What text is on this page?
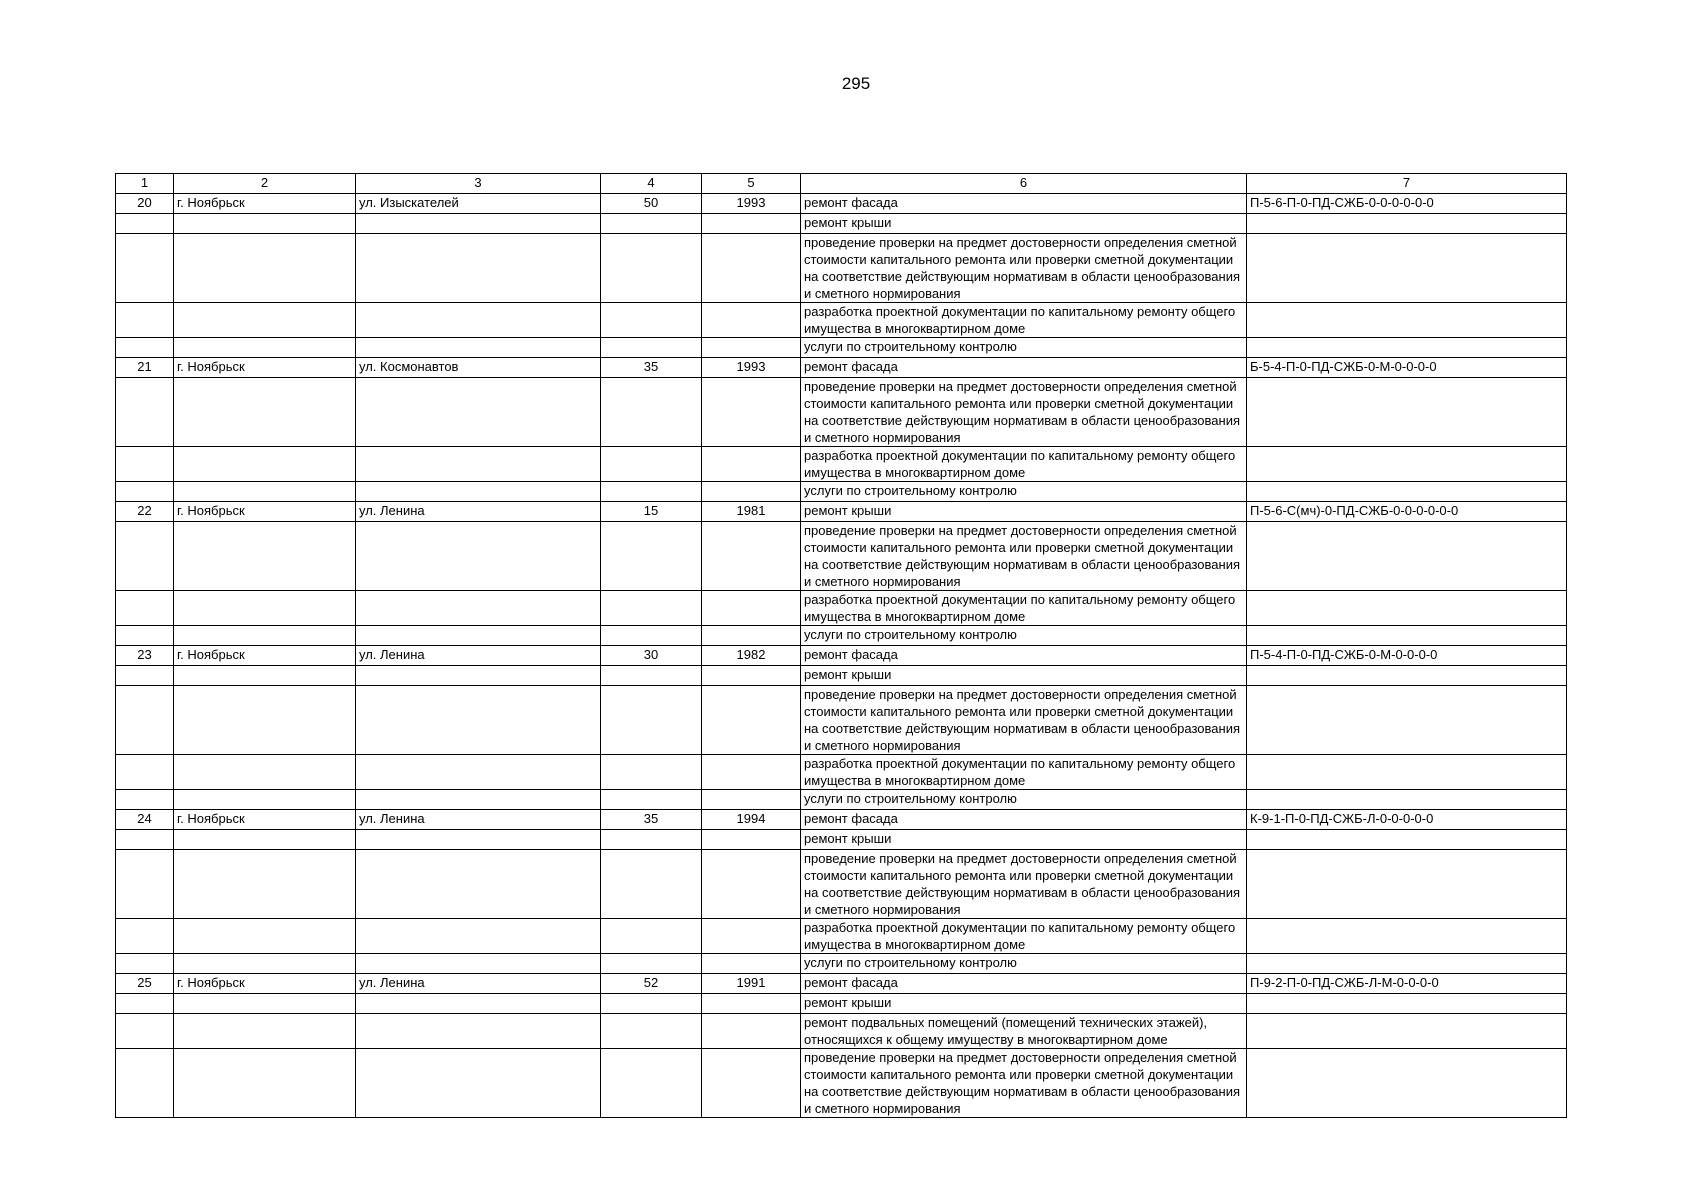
295
1	2	3	4	5	6	7
20	г. Ноябрьск	ул. Изыскателей	50	1993	ремонт фасада	П-5-6-П-0-ПД-СЖБ-0-0-0-0-0-0
					ремонт крыши	
					проведение проверки на предмет достоверности определения сметной стоимости капитального ремонта или проверки сметной документации на соответствие действующим нормативам в области ценообразования и сметного нормирования	
					разработка проектной документации по капитальному ремонту общего имущества в многоквартирном доме	
					услуги по строительному контролю	
21	г. Ноябрьск	ул. Космонавтов	35	1993	ремонт фасада	Б-5-4-П-0-ПД-СЖБ-0-М-0-0-0-0
					проведение проверки на предмет достоверности определения сметной стоимости капитального ремонта или проверки сметной документации на соответствие действующим нормативам в области ценообразования и сметного нормирования	
					разработка проектной документации по капитальному ремонту общего имущества в многоквартирном доме	
					услуги по строительному контролю	
22	г. Ноябрьск	ул. Ленина	15	1981	ремонт крыши	П-5-6-С(мч)-0-ПД-СЖБ-0-0-0-0-0-0
					проведение проверки на предмет достоверности определения сметной стоимости капитального ремонта или проверки сметной документации на соответствие действующим нормативам в области ценообразования и сметного нормирования	
					разработка проектной документации по капитальному ремонту общего имущества в многоквартирном доме	
					услуги по строительному контролю	
23	г. Ноябрьск	ул. Ленина	30	1982	ремонт фасада	П-5-4-П-0-ПД-СЖБ-0-М-0-0-0-0
					ремонт крыши	
					проведение проверки на предмет достоверности определения сметной стоимости капитального ремонта или проверки сметной документации на соответствие действующим нормативам в области ценообразования и сметного нормирования	
					разработка проектной документации по капитальному ремонту общего имущества в многоквартирном доме	
					услуги по строительному контролю	
24	г. Ноябрьск	ул. Ленина	35	1994	ремонт фасада	К-9-1-П-0-ПД-СЖБ-Л-0-0-0-0-0
					ремонт крыши	
					проведение проверки на предмет достоверности определения сметной стоимости капитального ремонта или проверки сметной документации на соответствие действующим нормативам в области ценообразования и сметного нормирования	
					разработка проектной документации по капитальному ремонту общего имущества в многоквартирном доме	
					услуги по строительному контролю	
25	г. Ноябрьск	ул. Ленина	52	1991	ремонт фасада	П-9-2-П-0-ПД-СЖБ-Л-М-0-0-0-0
					ремонт крыши	
					ремонт подвальных помещений (помещений технических этажей), относящихся к общему имуществу в многоквартирном доме	
					проведение проверки на предмет достоверности определения сметной стоимости капитального ремонта или проверки сметной документации на соответствие действующим нормативам в области ценообразования и сметного нормирования	
